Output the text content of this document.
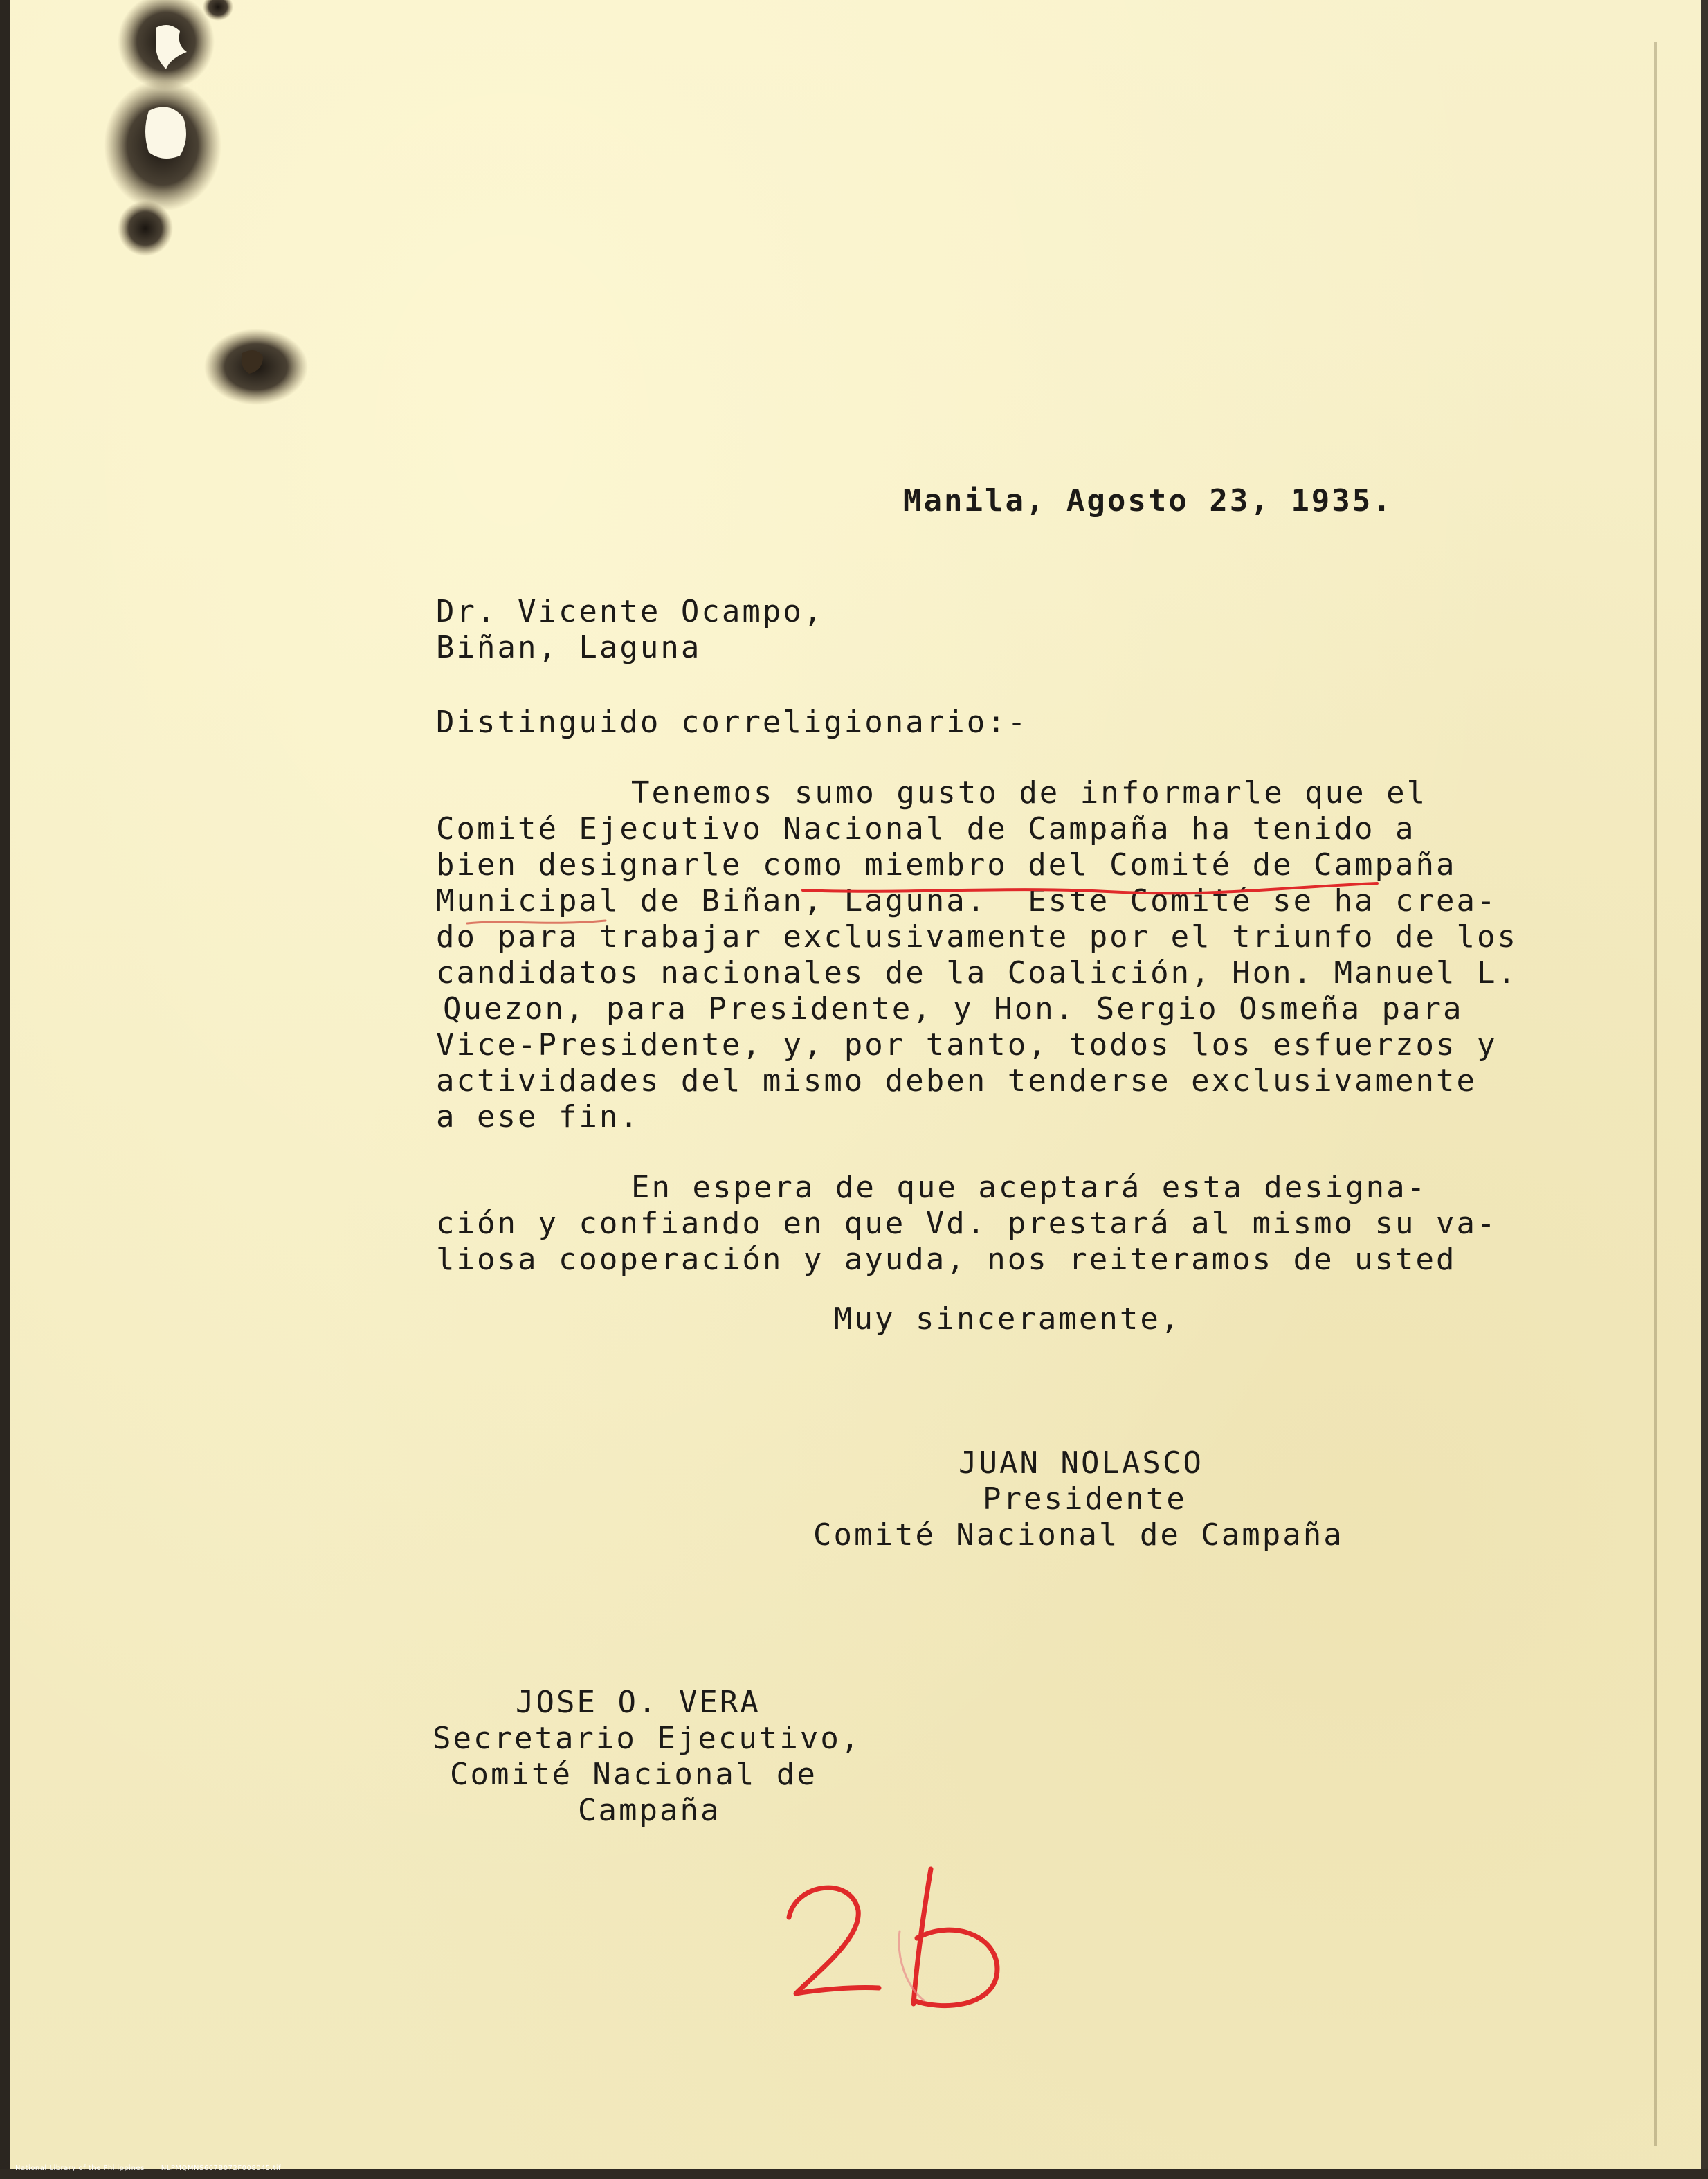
Manila, Agosto 23, 1935.
Dr. Vicente Ocampo,
Biñan, Laguna
Distinguido correligionario:-
Tenemos sumo gusto de informarle que el
Comité Ejecutivo Nacional de Campaña ha tenido a
bien designarle como miembro del Comité de Campaña
Municipal de Biñan, Laguna.  Este Comité se ha crea-
do para trabajar exclusivamente por el triunfo de los
candidatos nacionales de la Coalición, Hon. Manuel L.
Quezon, para Presidente, y Hon. Sergio Osmeña para
Vice-Presidente, y, por tanto, todos los esfuerzos y
actividades del mismo deben tenderse exclusivamente
a ese fin.
En espera de que aceptará esta designa-
ción y confiando en que Vd. prestará al mismo su va-
liosa cooperación y ayuda, nos reiteramos de usted
Muy sinceramente,
JUAN NOLASCO
Presidente
Comité Nacional de Campaña
JOSE O. VERA
Secretario Ejecutivo,
Comité Nacional de
Campaña
National Library of the Philippines NLPMQMNS607B072F008045.tif
